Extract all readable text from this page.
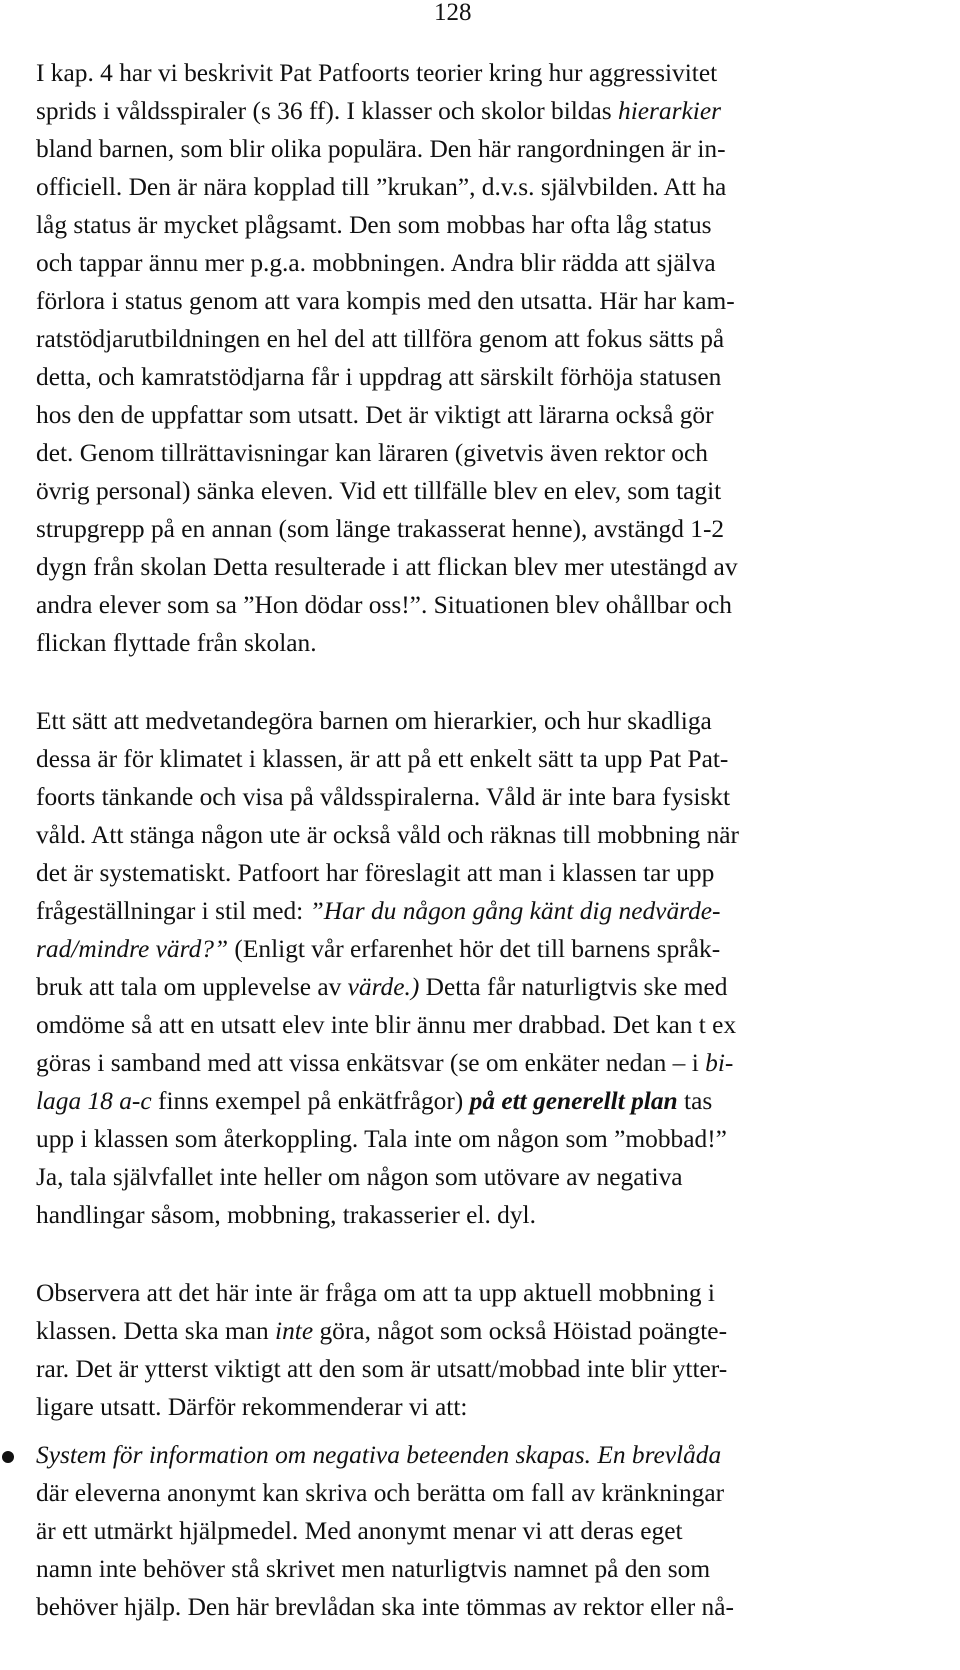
128
I kap. 4 har vi beskrivit Pat Patfoorts teorier kring hur aggressivitet
sprids i våldsspiraler (s 36 ff). I klasser och skolor bildas hierarkier
bland barnen, som blir olika populära. Den här rangordningen är in-
officiell. Den är nära kopplad till ”krukan”, d.v.s. självbilden. Att ha
låg status är mycket plågsamt. Den som mobbas har ofta låg status
och tappar ännu mer p.g.a. mobbningen. Andra blir rädda att själva
förlora i status genom att vara kompis med den utsatta. Här har kam-
ratstödjarutbildningen en hel del att tillföra genom att fokus sätts på
detta, och kamratstödjarna får i uppdrag att särskilt förhöja statusen
hos den de uppfattar som utsatt. Det är viktigt att lärarna också gör
det. Genom tillrättavisningar kan läraren (givetvis även rektor och
övrig personal) sänka eleven. Vid ett tillfälle blev en elev, som tagit
strupgrepp på en annan (som länge trakasserat henne), avstängd 1-2
dygn från skolan Detta resulterade i att flickan blev mer utestängd av
andra elever som sa ”Hon dödar oss!”. Situationen blev ohållbar och
flickan flyttade från skolan.
Ett sätt att medvetandegöra barnen om hierarkier, och hur skadliga
dessa är för klimatet i klassen, är att på ett enkelt sätt ta upp Pat Pat-
foorts tänkande och visa på våldsspiralerna. Våld är inte bara fysiskt
våld. Att stänga någon ute är också våld och räknas till mobbning när
det är systematiskt. Patfoort har föreslagit att man i klassen tar upp
frågeställningar i stil med: ”Har du någon gång känt dig nedvärde-
rad/mindre värd?” (Enligt vår erfarenhet hör det till barnens språk-
bruk att tala om upplevelse av värde.) Detta får naturligtvis ske med
omdöme så att en utsatt elev inte blir ännu mer drabbad. Det kan t ex
göras i samband med att vissa enkätsvar (se om enkäter nedan – i bi-
laga 18 a-c finns exempel på enkätfrågor) på ett generellt plan tas
upp i klassen som återkoppling. Tala inte om någon som ”mobbad!”
Ja, tala självfallet inte heller om någon som utövare av negativa
handlingar såsom, mobbning, trakasserier el. dyl.
Observera att det här inte är fråga om att ta upp aktuell mobbning i
klassen. Detta ska man inte göra, något som också Höistad poängte-
rar. Det är ytterst viktigt att den som är utsatt/mobbad inte blir ytter-
ligare utsatt. Därför rekommenderar vi att:
System för information om negativa beteenden skapas. En brevlåda
där eleverna anonymt kan skriva och berätta om fall av kränkningar
är ett utmärkt hjälpmedel. Med anonymt menar vi att deras eget
namn inte behöver stå skrivet men naturligtvis namnet på den som
behöver hjälp. Den här brevlådan ska inte tömmas av rektor eller nå-
